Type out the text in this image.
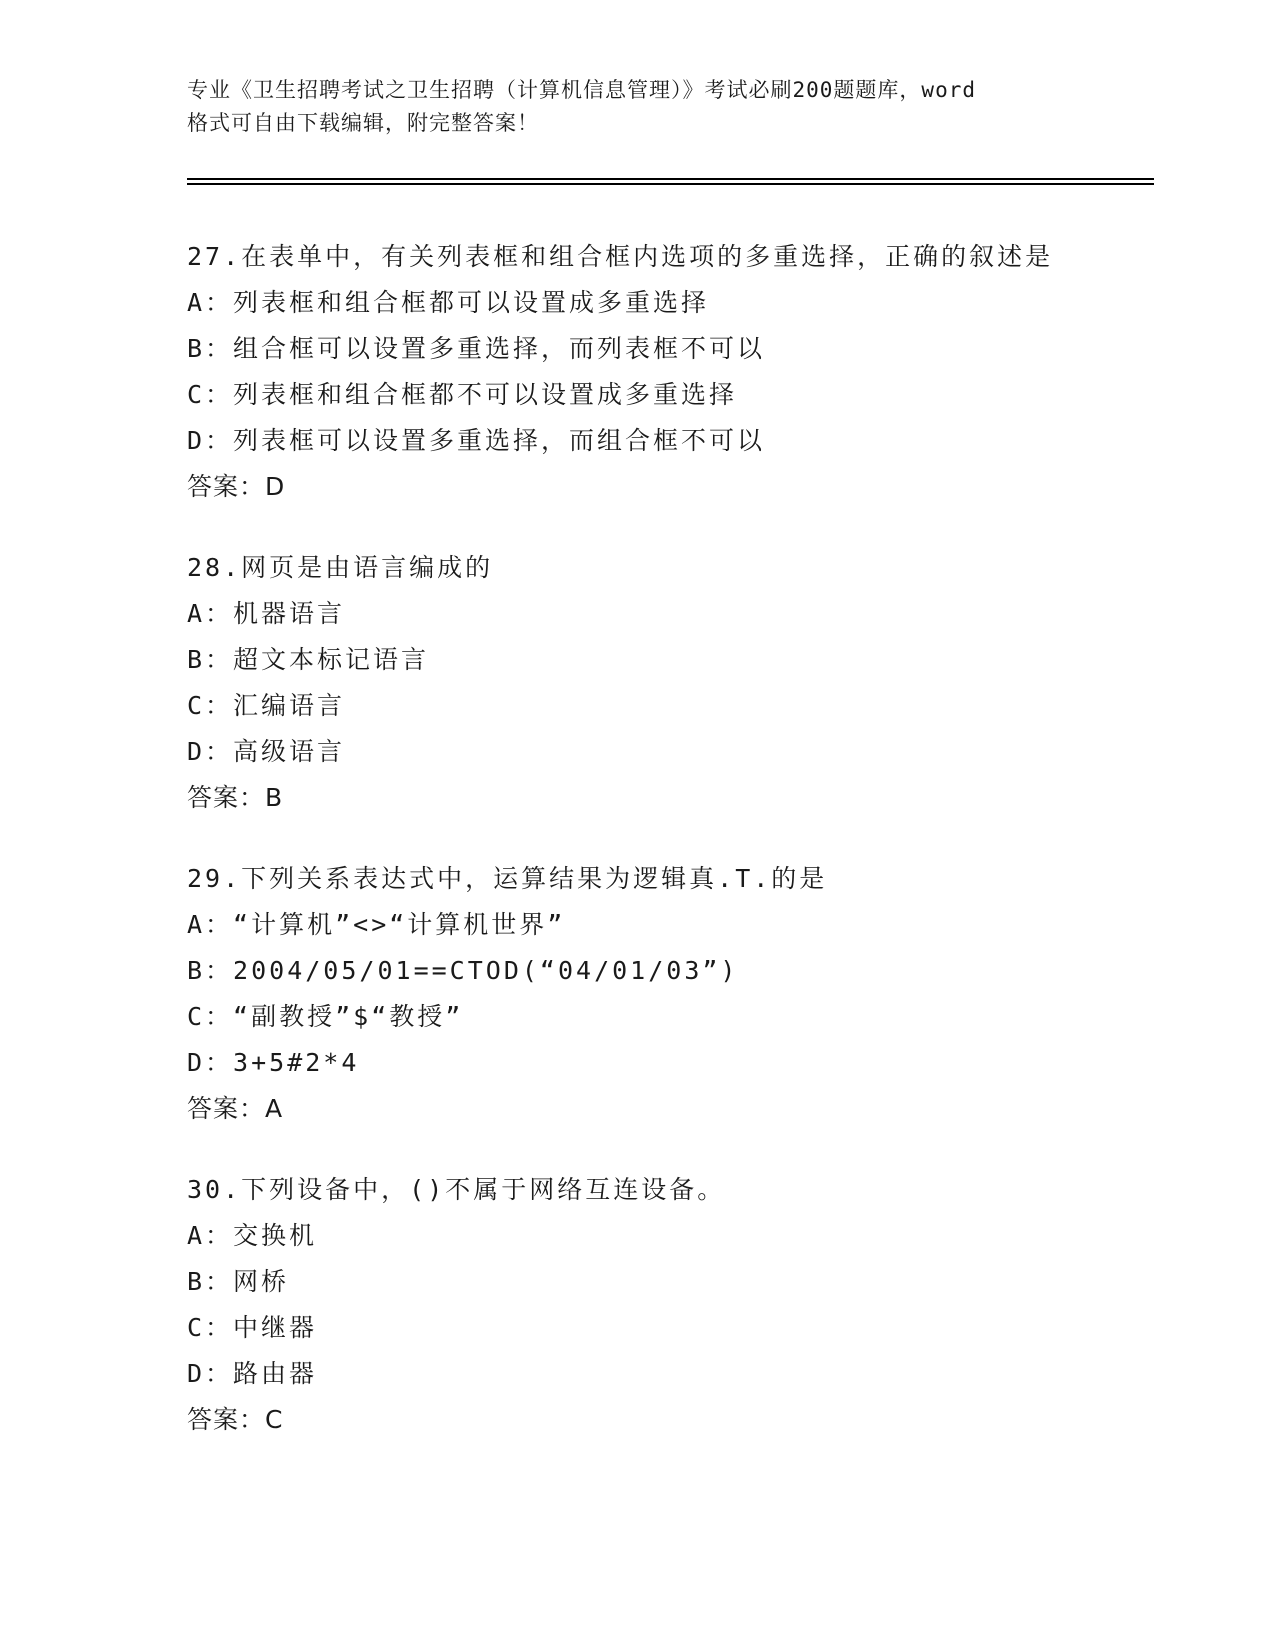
专业《卫生招聘考试之卫生招聘（计算机信息管理）》考试必刷200题题库，word
格式可自由下载编辑，附完整答案！
27.在表单中，有关列表框和组合框内选项的多重选择，正确的叙述是
A：列表框和组合框都可以设置成多重选择
B：组合框可以设置多重选择，而列表框不可以
C：列表框和组合框都不可以设置成多重选择
D：列表框可以设置多重选择，而组合框不可以
答案：D
28.网页是由语言编成的
A：机器语言
B：超文本标记语言
C：汇编语言
D：高级语言
答案：B
29.下列关系表达式中，运算结果为逻辑真.T.的是
A：“计算机”<>“计算机世界”
B：2004/05/01==CTOD(“04/01/03”)
C：“副教授”$“教授”
D：3+5#2*4
答案：A
30.下列设备中，()不属于网络互连设备。
A：交换机
B：网桥
C：中继器
D：路由器
答案：C
